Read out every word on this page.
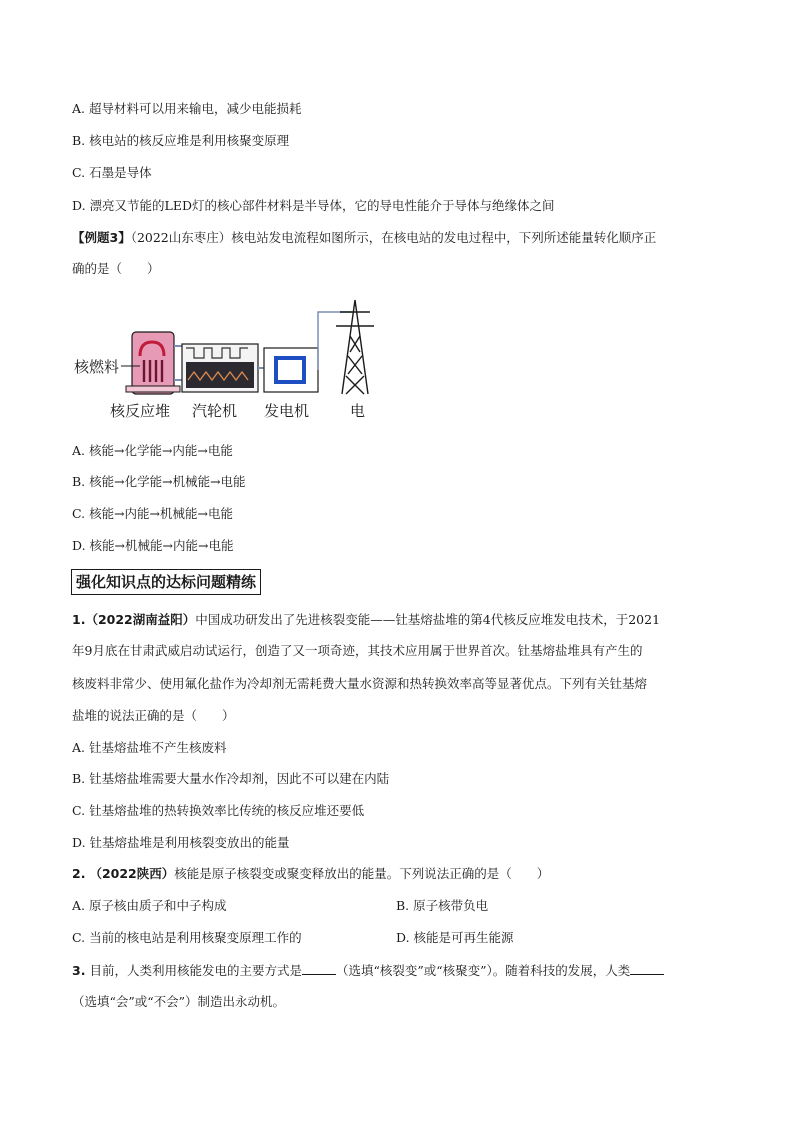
A. 超导材料可以用来输电，减少电能损耗
B. 核电站的核反应堆是利用核聚变原理
C. 石墨是导体
D. 漂亮又节能的LED灯的核心部件材料是半导体，它的导电性能介于导体与绝缘体之间
【例题3】（2022山东枣庄）核电站发电流程如图所示，在核电站的发电过程中，下列所述能量转化顺序正
确的是（　　）
核燃料
核反应堆 汽轮机 发电机	电
A. 核能→化学能→内能→电能
B. 核能→化学能→机械能→电能
C. 核能→内能→机械能→电能
D. 核能→机械能→内能→电能
强化知识点的达标问题精练
1.（2022湖南益阳）中国成功研发出了先进核裂变能——钍基熔盐堆的第4代核反应堆发电技术，于2021
年9月底在甘肃武威启动试运行，创造了又一项奇迹，其技术应用属于世界首次。钍基熔盐堆具有产生的
核废料非常少、使用氟化盐作为冷却剂无需耗费大量水资源和热转换效率高等显著优点。下列有关钍基熔
盐堆的说法正确的是（　　）
A. 钍基熔盐堆不产生核废料
B. 钍基熔盐堆需要大量水作冷却剂，因此不可以建在内陆
C. 钍基熔盐堆的热转换效率比传统的核反应堆还要低
D. 钍基熔盐堆是利用核裂变放出的能量
2. （2022陕西）核能是原子核裂变或聚变释放出的能量。下列说法正确的是（　　）
A. 原子核由质子和中子构成	B. 原子核带负电
C. 当前的核电站是利用核聚变原理工作的	D. 核能是可再生能源
3. 目前，人类利用核能发电的主要方式是	（选填“核裂变”或“核聚变”）。随着科技的发展，人类
（选填“会”或“不会”）制造出永动机。
